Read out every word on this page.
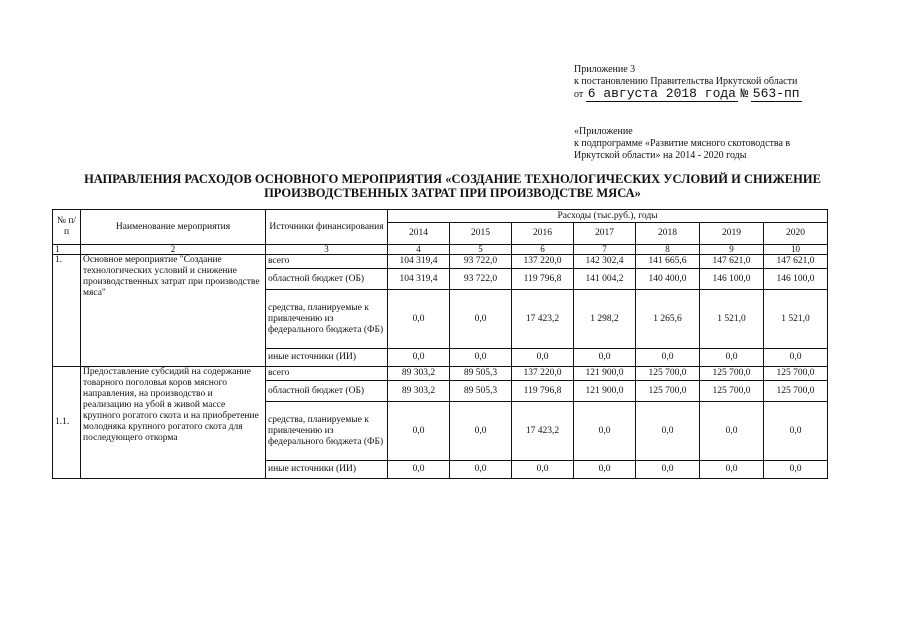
Приложение 3
к постановлению Правительства Иркутской области
от 6 августа 2018 года № 563-пп
«Приложение
к подпрограмме «Развитие мясного скотоводства в
Иркутской области» на 2014 - 2020 годы
НАПРАВЛЕНИЯ РАСХОДОВ ОСНОВНОГО МЕРОПРИЯТИЯ «СОЗДАНИЕ ТЕХНОЛОГИЧЕСКИХ УСЛОВИЙ И СНИЖЕНИЕ
ПРОИЗВОДСТВЕННЫХ ЗАТРАТ ПРИ ПРОИЗВОДСТВЕ МЯСА»
№ п/п	Наименование мероприятия	Источники финансирования	Расходы (тыс.руб.), годы						
			2014	2015	2016	2017	2018	2019	2020
1	2	3	4	5	6	7	8	9	10
1.	Основное мероприятие "Создание технологических условий и снижение производственных затрат при производстве мяса"	всего	104 319,4	93 722,0	137 220,0	142 302,4	141 665,6	147 621,0	147 621,0
		областной бюджет (ОБ)	104 319,4	93 722,0	119 796,8	141 004,2	140 400,0	146 100,0	146 100,0
		средства, планируемые к привлечению из федерального бюджета (ФБ)	0,0	0,0	17 423,2	1 298,2	1 265,6	1 521,0	1 521,0
		иные источники (ИИ)	0,0	0,0	0,0	0,0	0,0	0,0	0,0
1.1.	Предоставление субсидий на содержание товарного поголовья коров мясного направления, на производство и реализацию на убой в живой массе крупного рогатого скота и на приобретение молодняка крупного рогатого скота для последующего откорма	всего	89 303,2	89 505,3	137 220,0	121 900,0	125 700,0	125 700,0	125 700,0
		областной бюджет (ОБ)	89 303,2	89 505,3	119 796,8	121 900,0	125 700,0	125 700,0	125 700,0
		средства, планируемые к привлечению из федерального бюджета (ФБ)	0,0	0,0	17 423,2	0,0	0,0	0,0	0,0
		иные источники (ИИ)	0,0	0,0	0,0	0,0	0,0	0,0	0,0
